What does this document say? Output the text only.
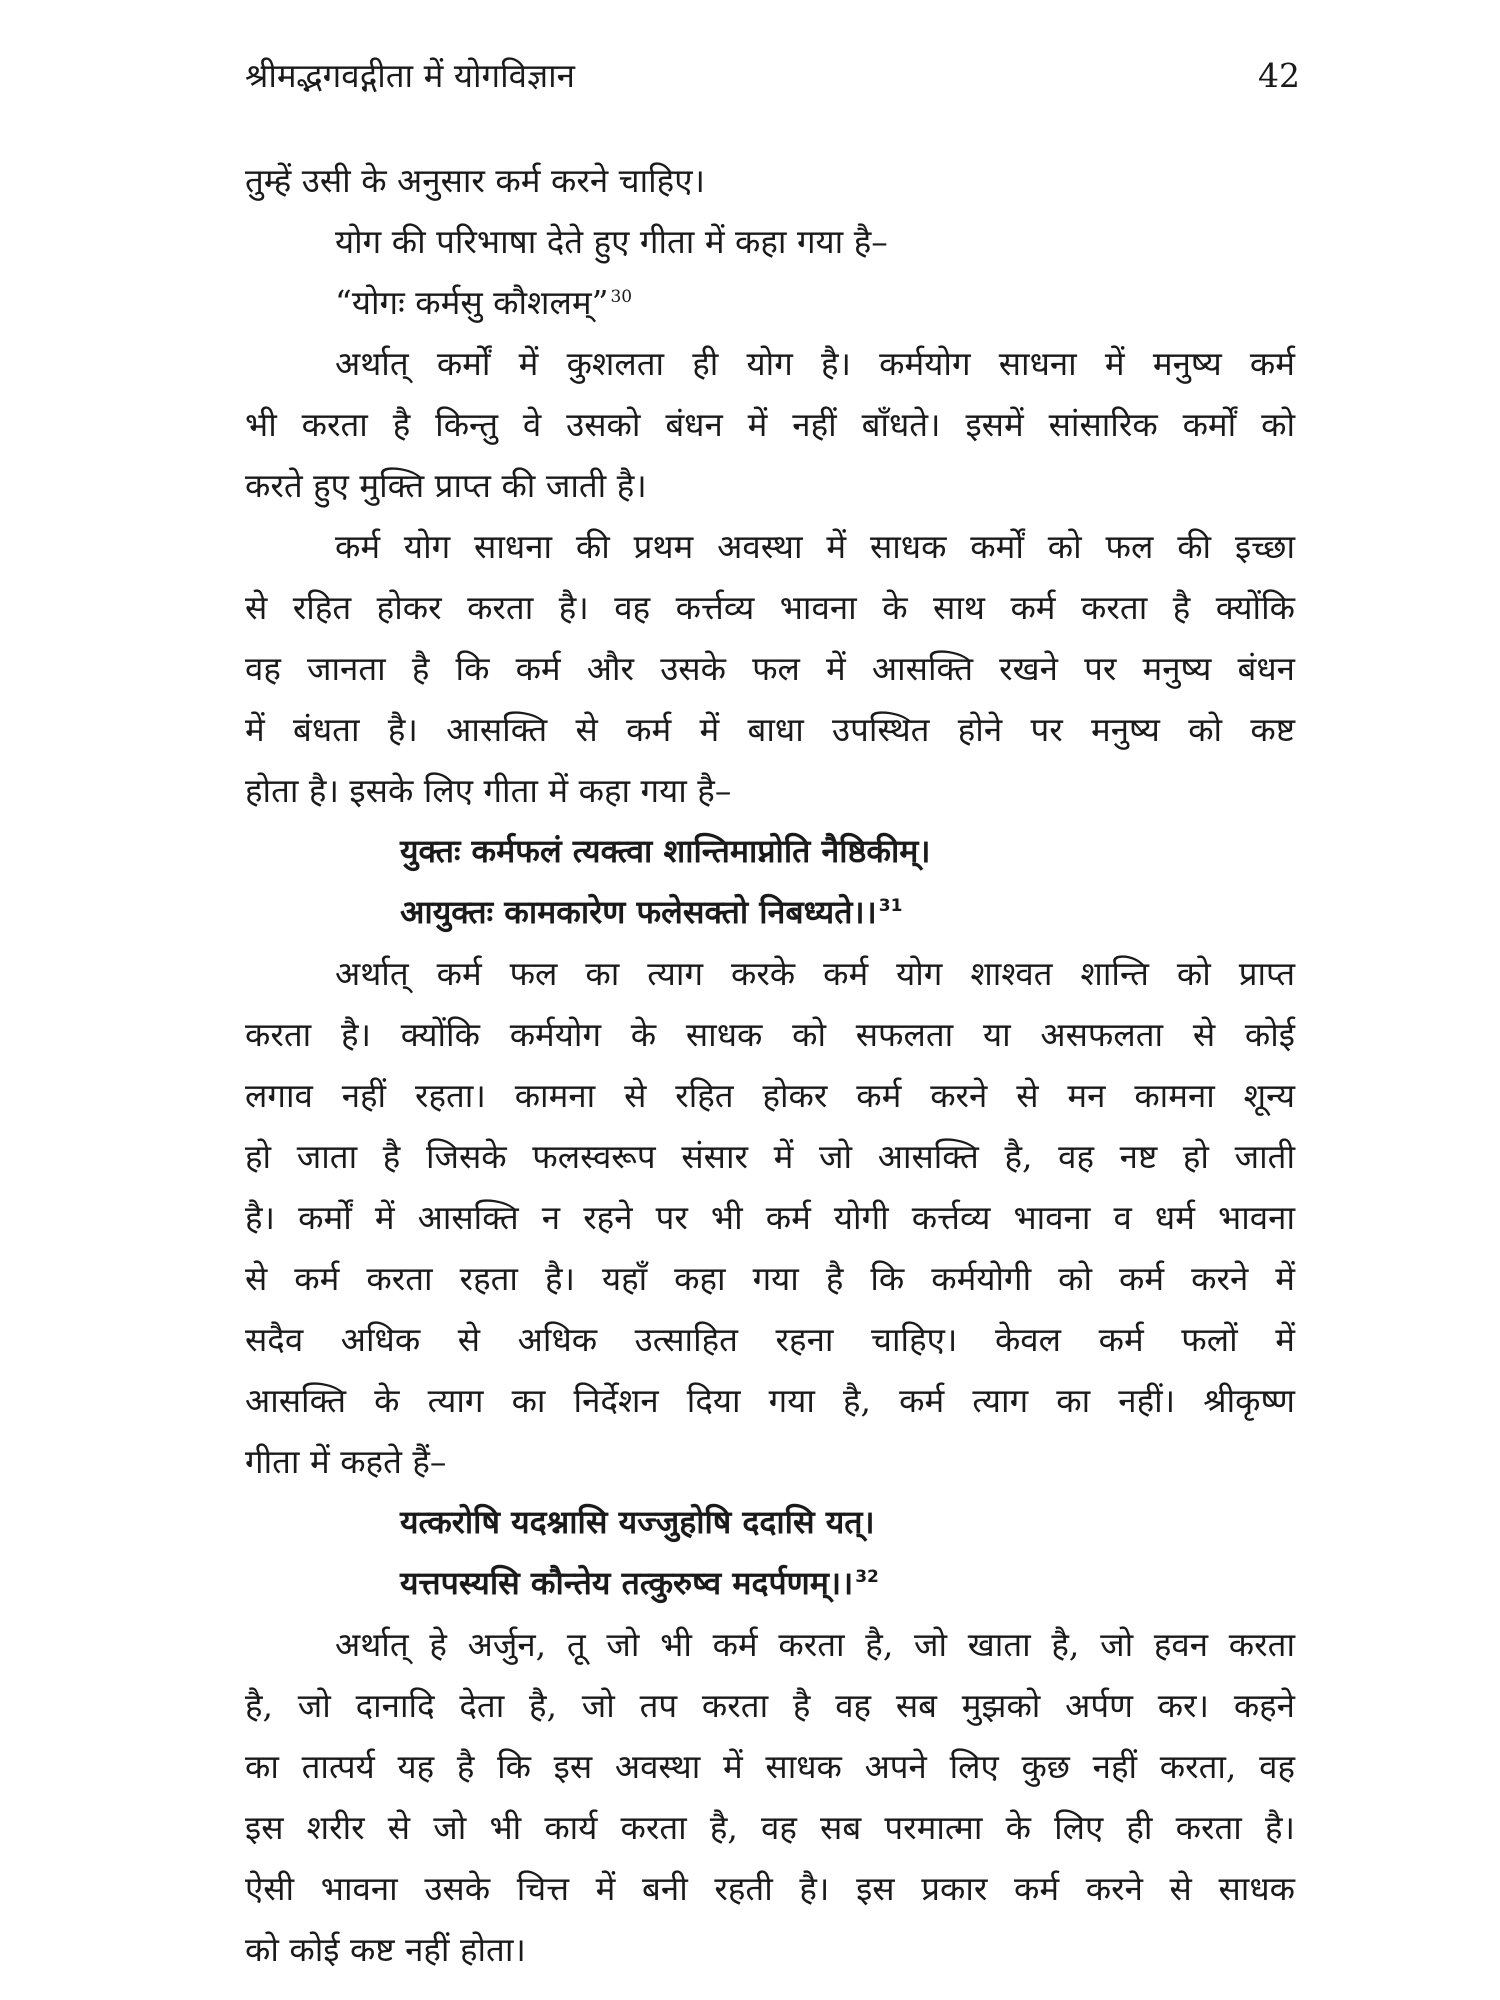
श्रीमद्भगवद्गीता में योगविज्ञान	42
तुम्हें उसी के अनुसार कर्म करने चाहिए।
योग की परिभाषा देते हुए गीता में कहा गया है–
“योगः कर्मसु कौशलम्” $^{30}$
अर्थात् कर्मों में कुशलता ही योग है। कर्मयोग साधना में मनुष्य कर्म
भी करता है किन्तु वे उसको बंधन में नहीं बाँधते। इसमें सांसारिक कर्मों को
करते हुए मुक्ति प्राप्त की जाती है।
कर्म योग साधना की प्रथम अवस्था में साधक कर्मों को फल की इच्छा
से रहित होकर करता है। वह कर्त्तव्य भावना के साथ कर्म करता है क्योंकि
वह जानता है कि कर्म और उसके फल में आसक्ति रखने पर मनुष्य बंधन
में बंधता है। आसक्ति से कर्म में बाधा उपस्थित होने पर मनुष्य को कष्ट
होता है। इसके लिए गीता में कहा गया है–
युक्तः कर्मफलं त्यक्त्वा शान्तिमाप्नोति नैष्ठिकीम्।
आयुक्तः कामकारेण फलेसक्तो निबध्यते।। $^{31}$
अर्थात् कर्म फल का त्याग करके कर्म योग शाश्वत शान्ति को प्राप्त
करता है। क्योंकि कर्मयोग के साधक को सफलता या असफलता से कोई
लगाव नहीं रहता। कामना से रहित होकर कर्म करने से मन कामना शून्य
हो जाता है जिसके फलस्वरूप संसार में जो आसक्ति है, वह नष्ट हो जाती
है। कर्मों में आसक्ति न रहने पर भी कर्म योगी कर्त्तव्य भावना व धर्म भावना
से कर्म करता रहता है। यहाँ कहा गया है कि कर्मयोगी को कर्म करने में
सदैव अधिक से अधिक उत्साहित रहना चाहिए। केवल कर्म फलों में
आसक्ति के त्याग का निर्देशन दिया गया है, कर्म त्याग का नहीं। श्रीकृष्ण
गीता में कहते हैं–
यत्करोषि यदश्नासि यज्जुहोषि ददासि यत्।
यत्तपस्यसि कौन्तेय तत्कुरुष्व मदर्पणम्।। $^{32}$
अर्थात् हे अर्जुन, तू जो भी कर्म करता है, जो खाता है, जो हवन करता
है, जो दानादि देता है, जो तप करता है वह सब मुझको अर्पण कर। कहने
का तात्पर्य यह है कि इस अवस्था में साधक अपने लिए कुछ नहीं करता, वह
इस शरीर से जो भी कार्य करता है, वह सब परमात्मा के लिए ही करता है।
ऐसी भावना उसके चित्त में बनी रहती है। इस प्रकार कर्म करने से साधक
को कोई कष्ट नहीं होता।
